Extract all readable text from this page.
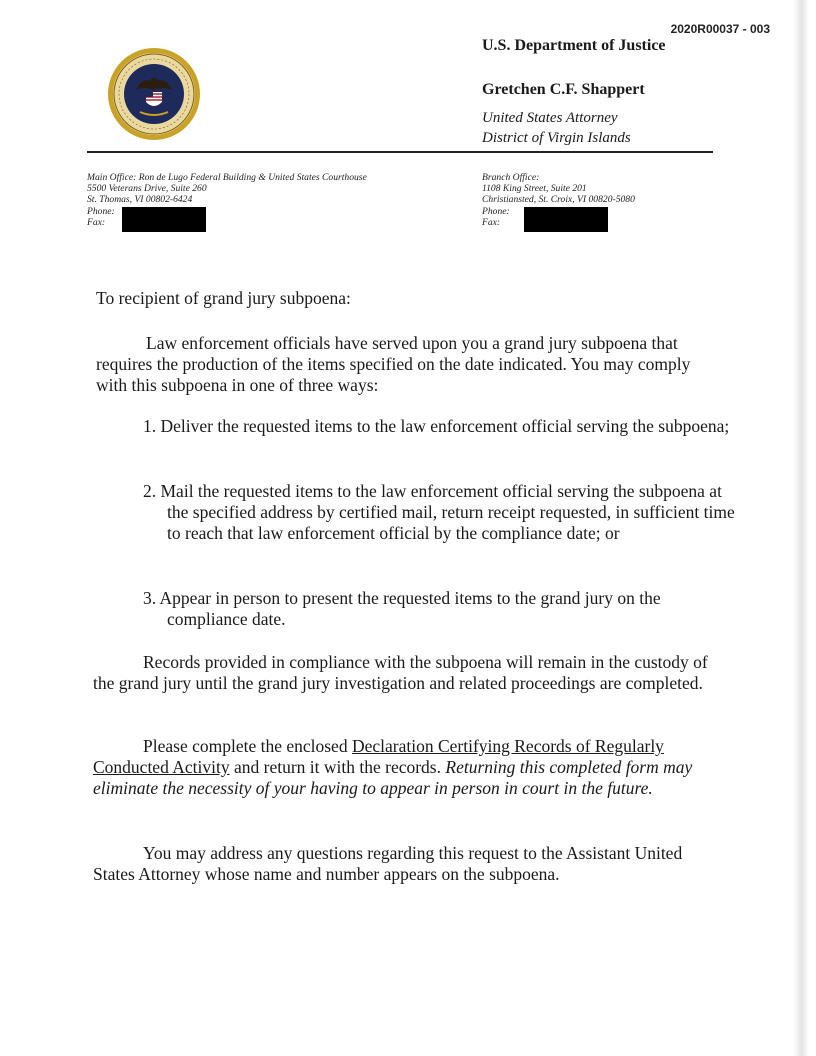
2020R00037 - 003
U.S. Department of Justice
Gretchen C.F. Shappert
United States Attorney
District of Virgin Islands
Main Office: Ron de Lugo Federal Building & United States Courthouse
5500 Veterans Drive, Suite 260
St. Thomas, VI 00802-6424
Phone:
Fax:
Branch Office:
1108 King Street, Suite 201
Christiansted, St. Croix, VI 00820-5080
Phone:
Fax:
To recipient of grand jury subpoena:
Law enforcement officials have served upon you a grand jury subpoena that requires the production of the items specified on the date indicated. You may comply with this subpoena in one of three ways:
1. Deliver the requested items to the law enforcement official serving the subpoena;
2. Mail the requested items to the law enforcement official serving the subpoena at the specified address by certified mail, return receipt requested, in sufficient time to reach that law enforcement official by the compliance date; or
3. Appear in person to present the requested items to the grand jury on the compliance date.
Records provided in compliance with the subpoena will remain in the custody of the grand jury until the grand jury investigation and related proceedings are completed.
Please complete the enclosed Declaration Certifying Records of Regularly Conducted Activity and return it with the records. Returning this completed form may eliminate the necessity of your having to appear in person in court in the future.
You may address any questions regarding this request to the Assistant United States Attorney whose name and number appears on the subpoena.
